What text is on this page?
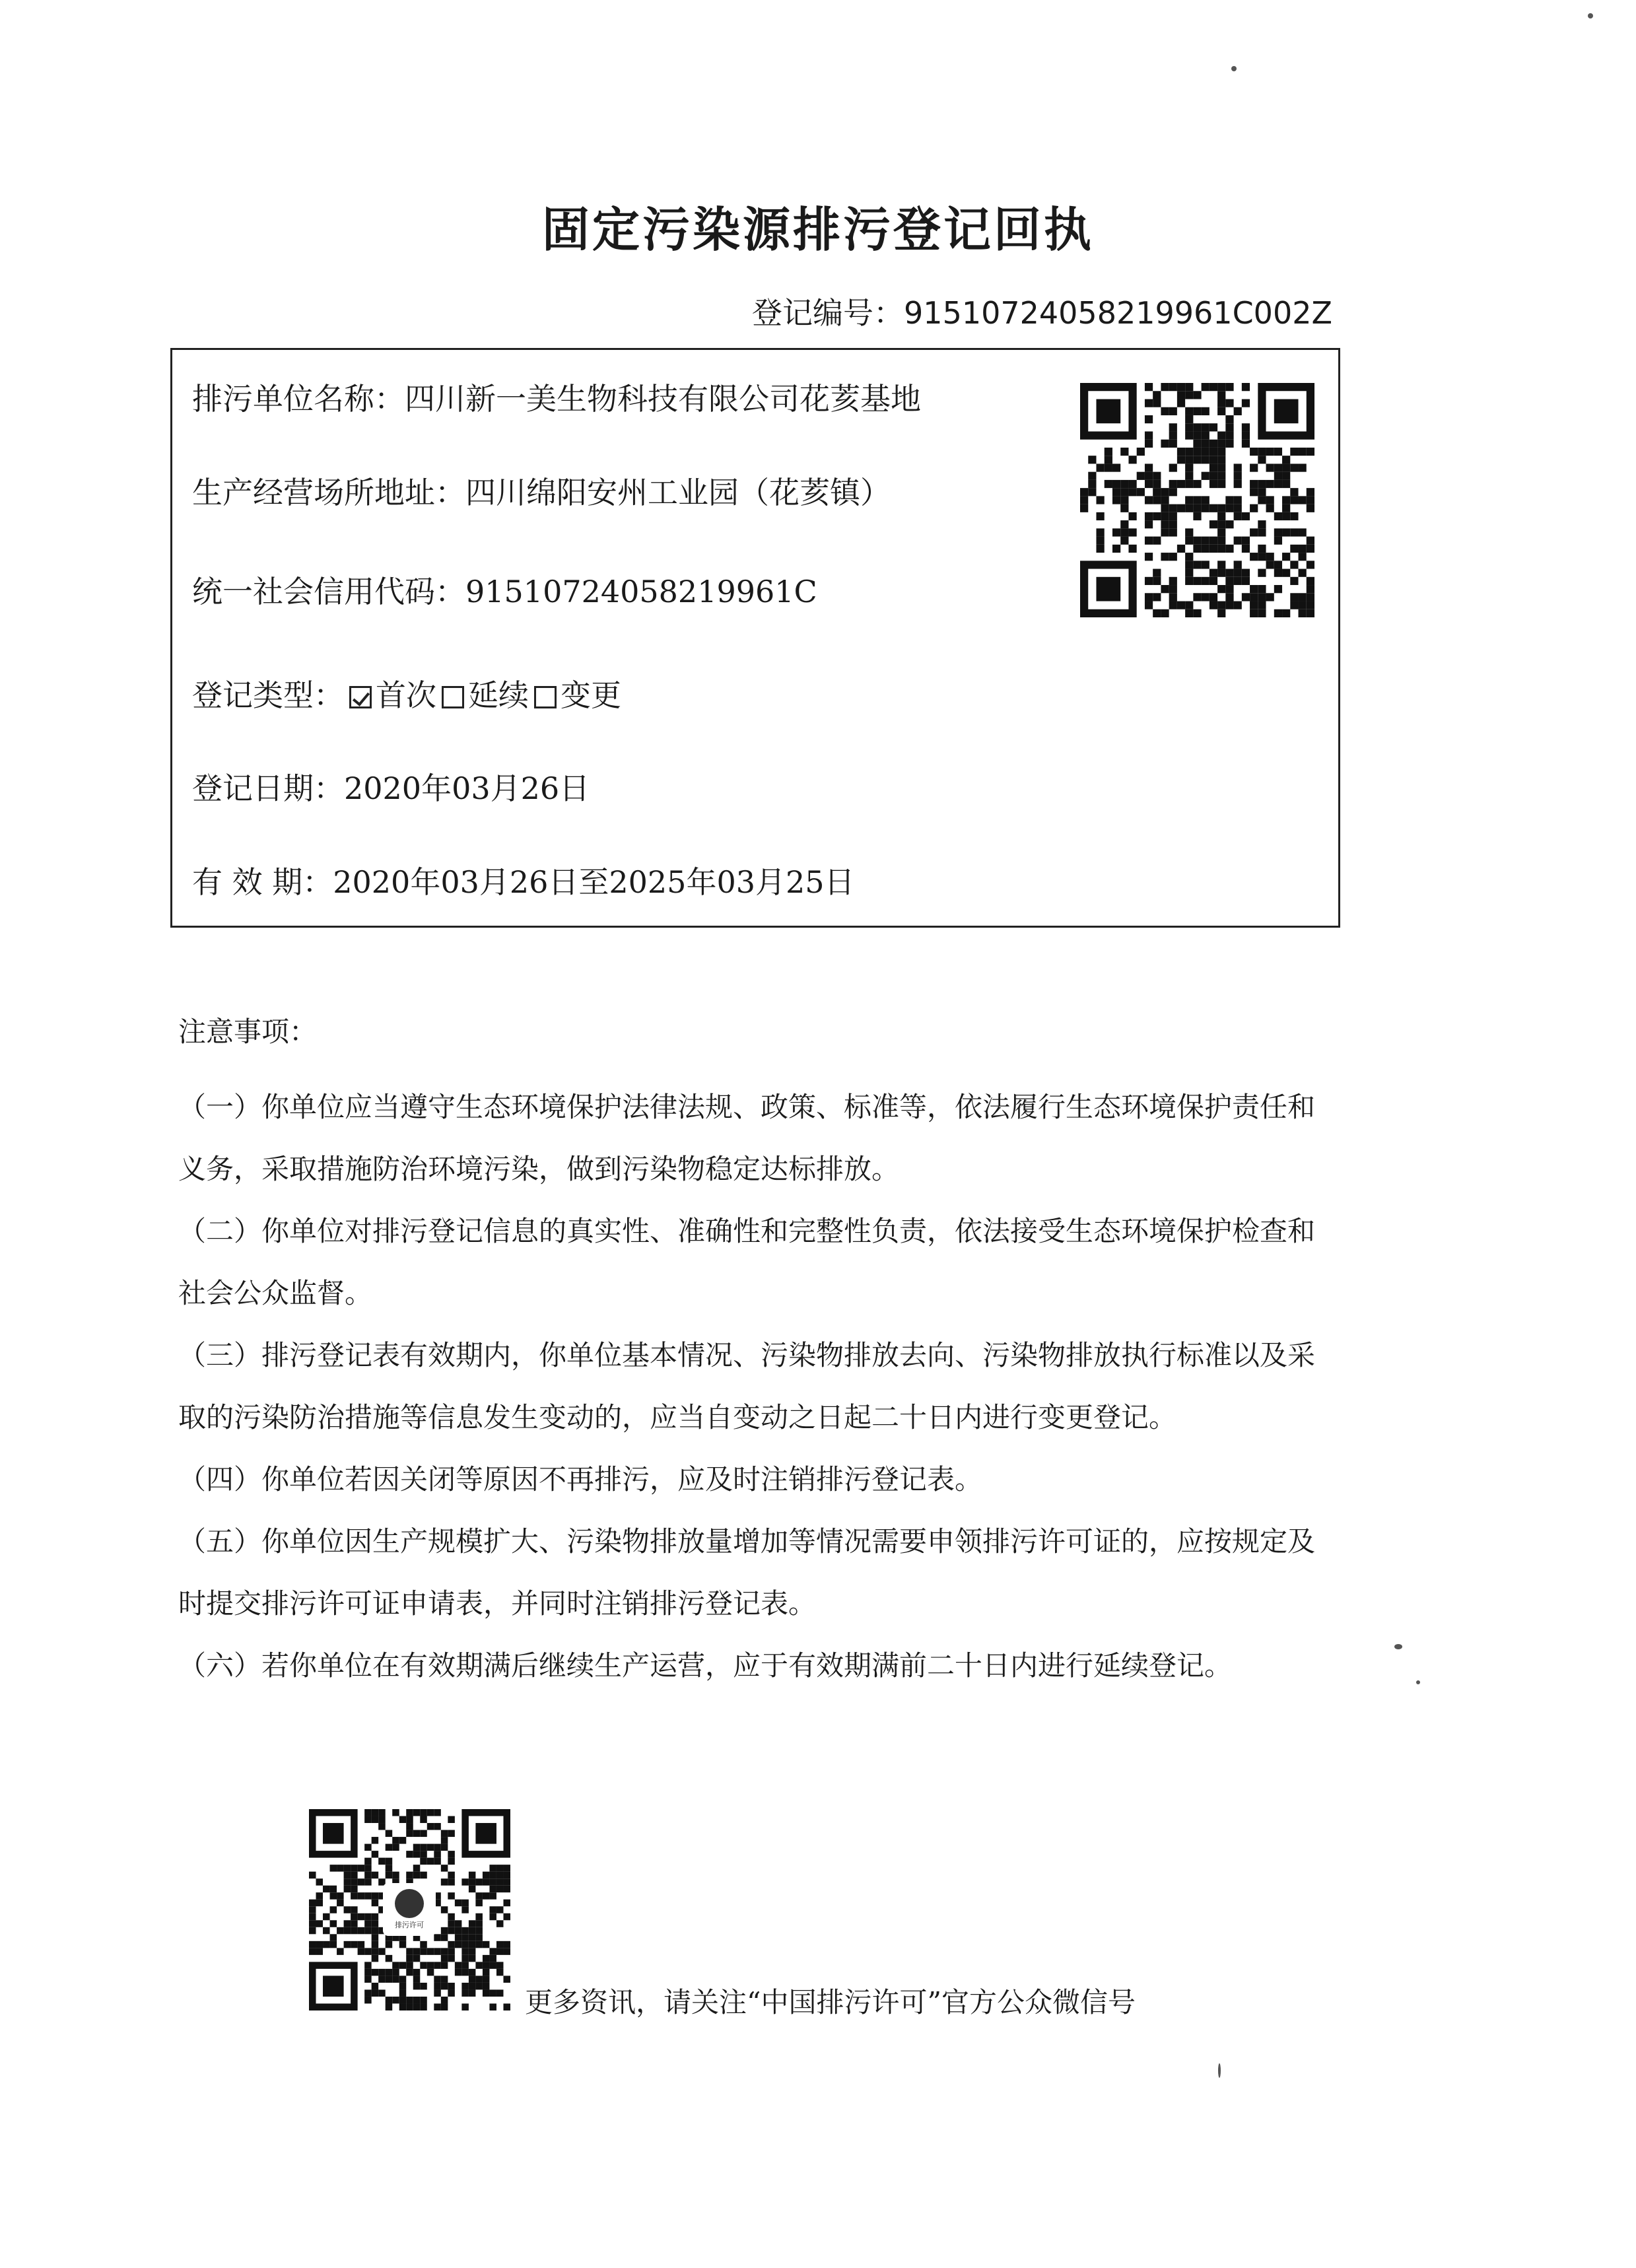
固定污染源排污登记回执
登记编号：91510724058219961C002Z
排污单位名称：四川新一美生物科技有限公司花荄基地
生产经营场所地址：四川绵阳安州工业园（花荄镇）
统一社会信用代码：91510724058219961C
登记类型： 首次 延续 变更
登记日期：2020年03月26日
有 效 期：2020年03月26日至2025年03月25日
注意事项：

（一）你单位应当遵守生态环境保护法律法规、政策、标准等，依法履行生态环境保护责任和义务，采取措施防治环境污染，做到污染物稳定达标排放。

（二）你单位对排污登记信息的真实性、准确性和完整性负责，依法接受生态环境保护检查和社会公众监督。

（三）排污登记表有效期内，你单位基本情况、污染物排放去向、污染物排放执行标准以及采取的污染防治措施等信息发生变动的，应当自变动之日起二十日内进行变更登记。

（四）你单位若因关闭等原因不再排污，应及时注销排污登记表。

（五）你单位因生产规模扩大、污染物排放量增加等情况需要申领排污许可证的，应按规定及时提交排污许可证申请表，并同时注销排污登记表。

（六）若你单位在有效期满后继续生产运营，应于有效期满前二十日内进行延续登记。

排污许可
更多资讯，请关注“中国排污许可”官方公众微信号
